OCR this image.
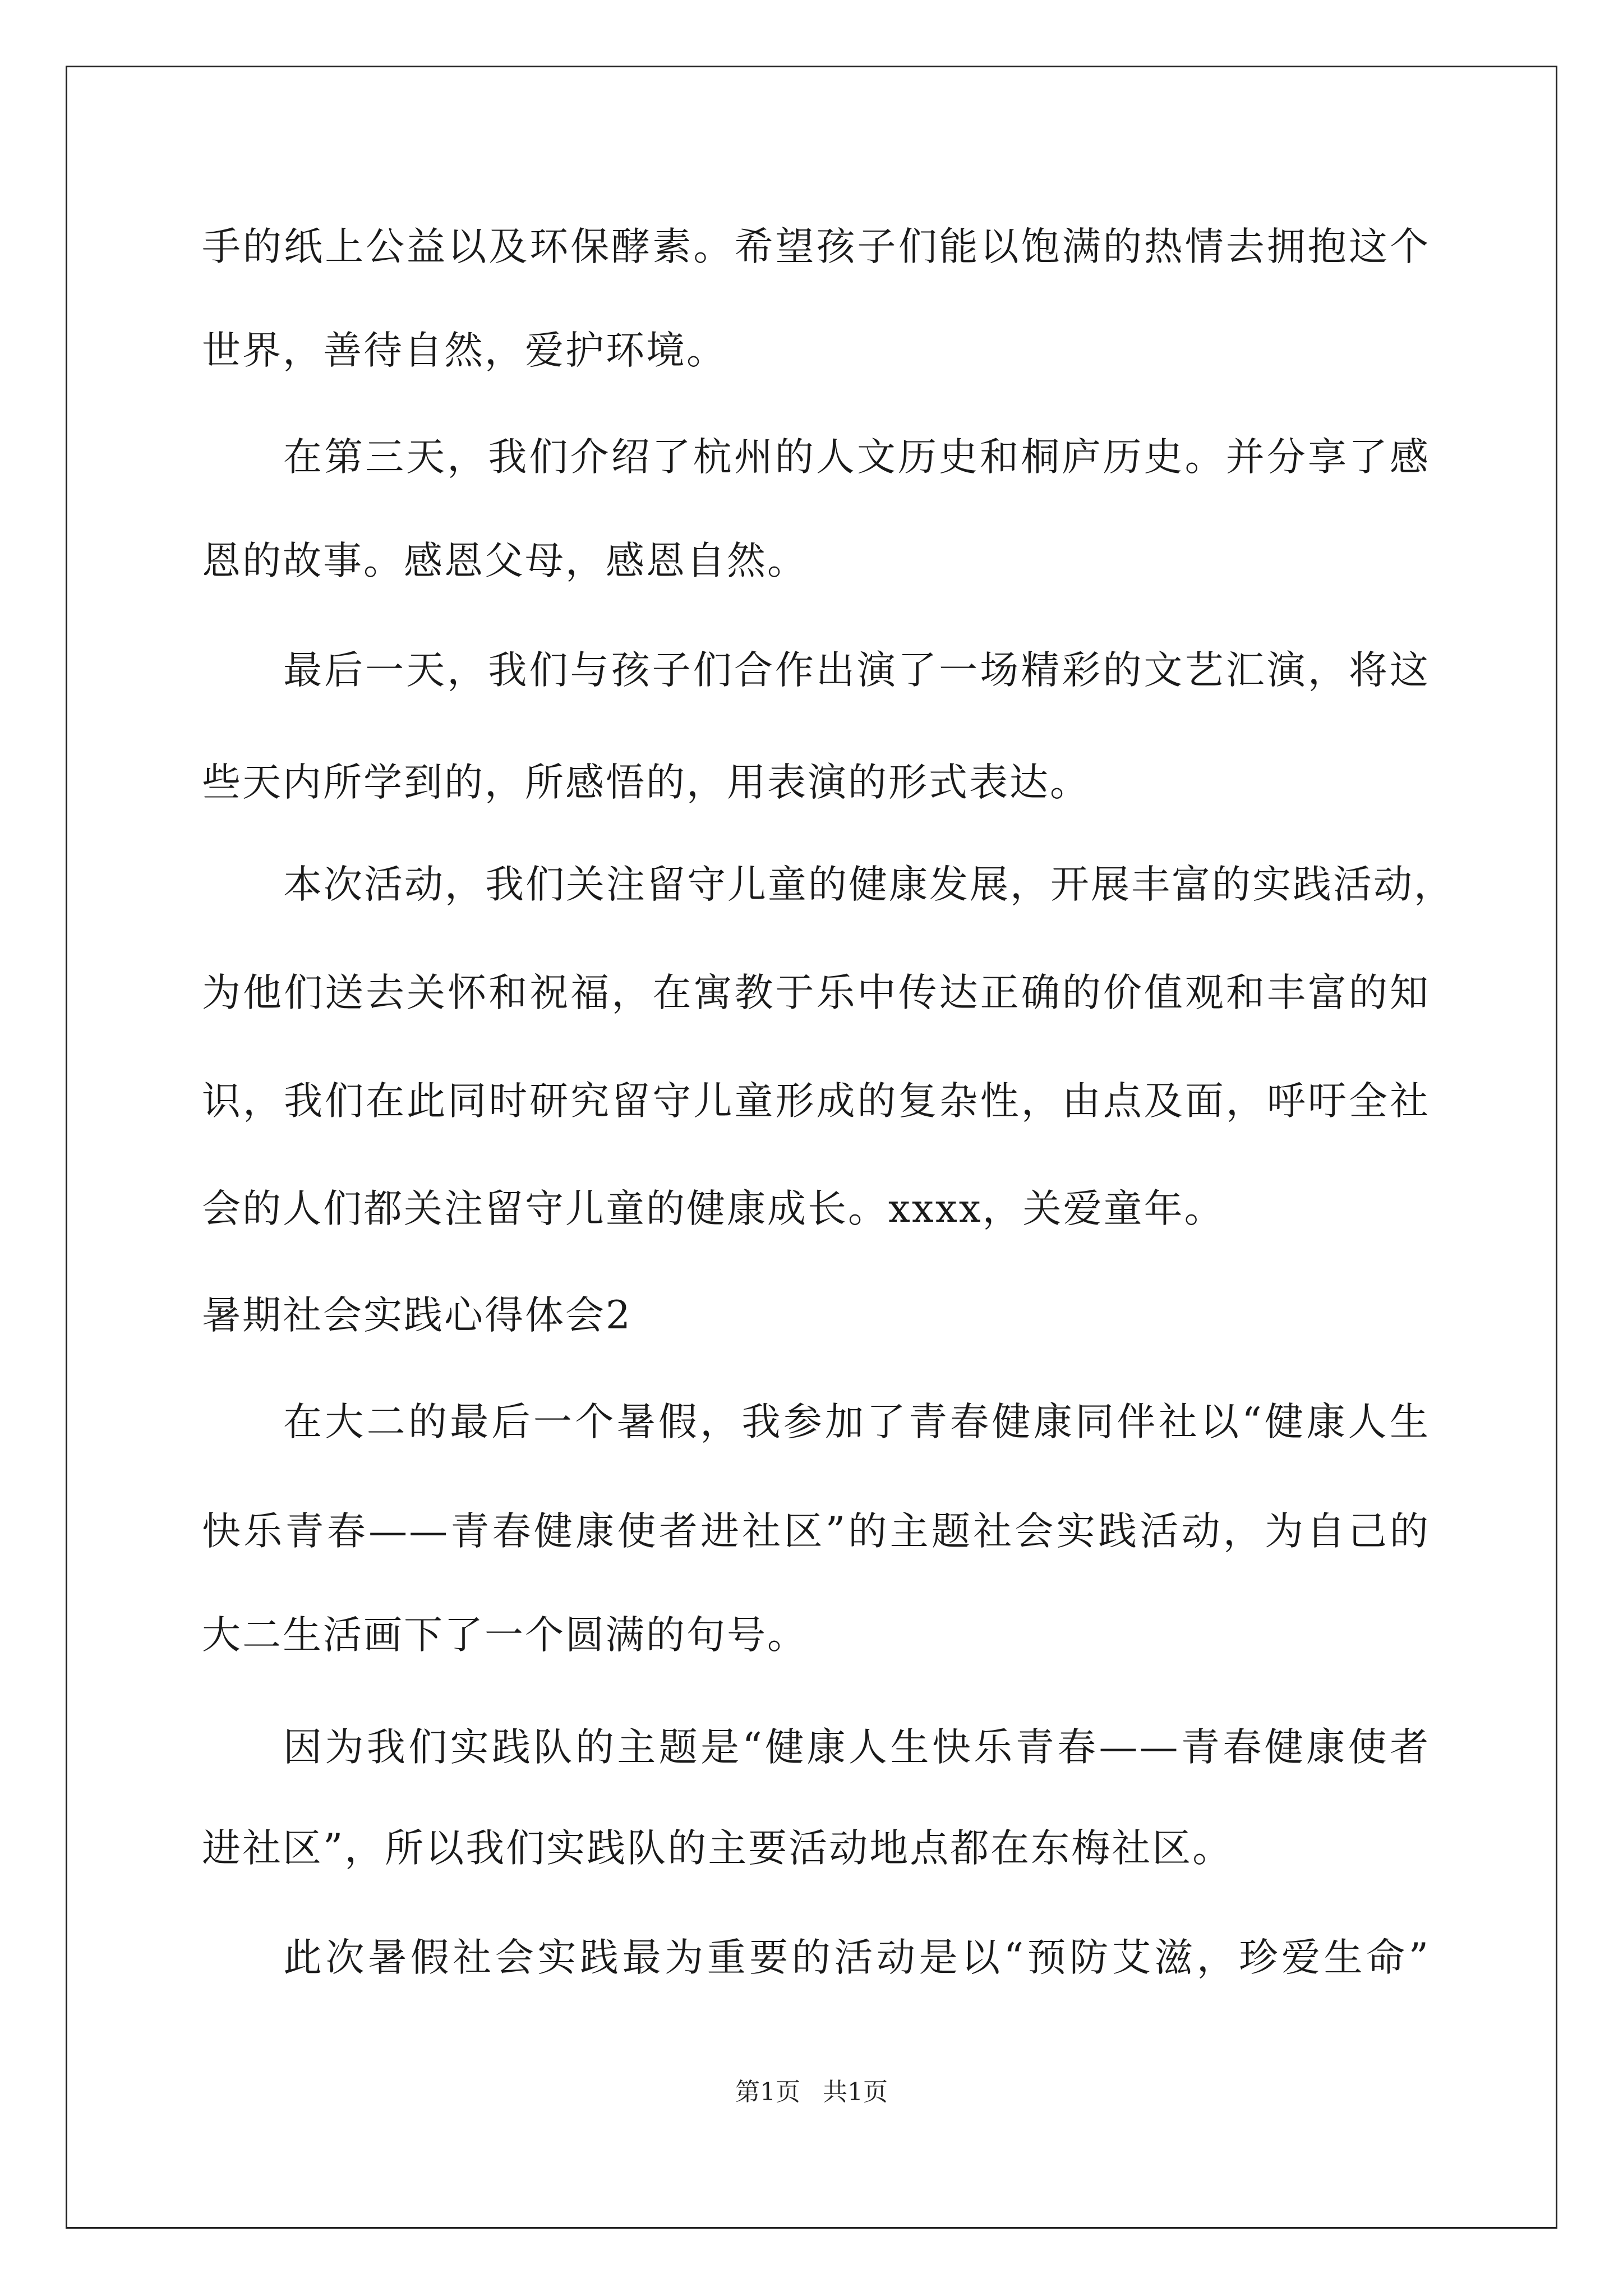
手的纸上公益以及环保酵素。希望孩子们能以饱满的热情去拥抱这个
世界，善待自然，爱护环境。
在第三天，我们介绍了杭州的人文历史和桐庐历史。并分享了感
恩的故事。感恩父母，感恩自然。
最后一天，我们与孩子们合作出演了一场精彩的文艺汇演，将这
些天内所学到的，所感悟的，用表演的形式表达。
本次活动，我们关注留守儿童的健康发展，开展丰富的实践活动，
为他们送去关怀和祝福，在寓教于乐中传达正确的价值观和丰富的知
识，我们在此同时研究留守儿童形成的复杂性，由点及面，呼吁全社
会的人们都关注留守儿童的健康成长。xxxx，关爱童年。
暑期社会实践心得体会2
在大二的最后一个暑假，我参加了青春健康同伴社以“健康人生
快乐青春——青春健康使者进社区”的主题社会实践活动，为自己的
大二生活画下了一个圆满的句号。
因为我们实践队的主题是“健康人生快乐青春——青春健康使者
进社区”，所以我们实践队的主要活动地点都在东梅社区。
此次暑假社会实践最为重要的活动是以“预防艾滋，珍爱生命”
第1页 共1页
